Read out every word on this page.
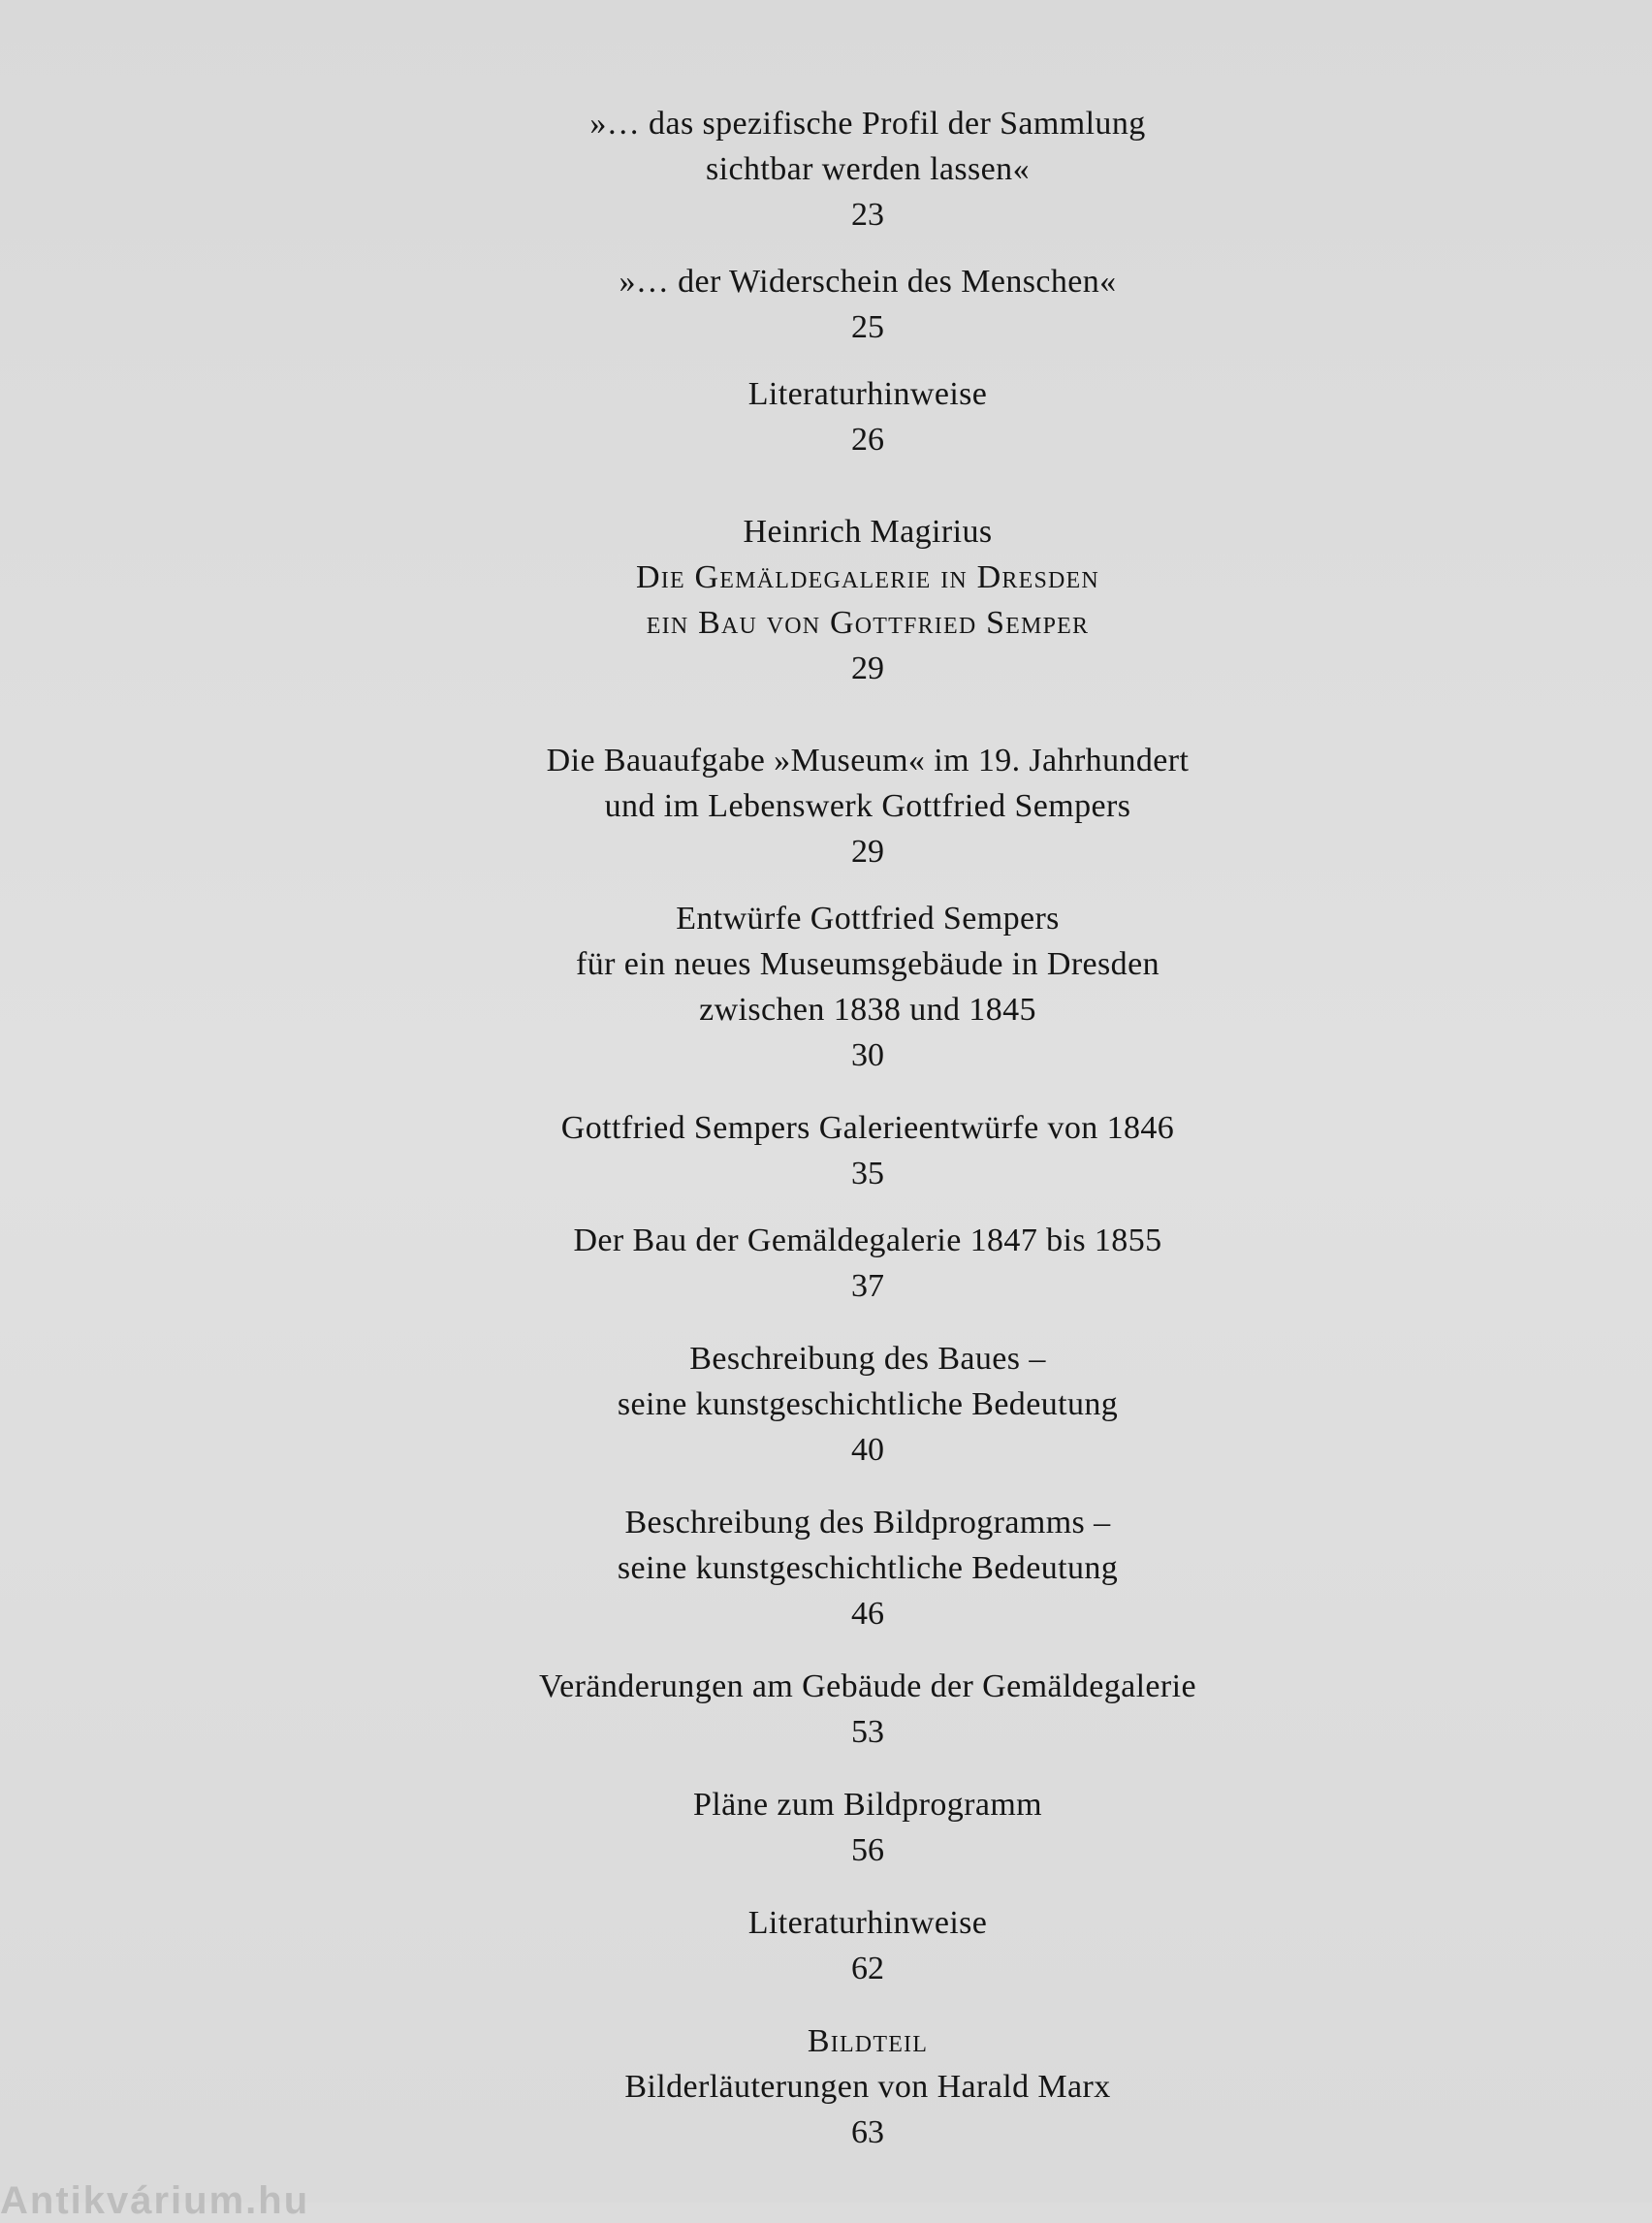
»… das spezifische Profil der Sammlung
sichtbar werden lassen«
23
»… der Widerschein des Menschen«
25
Literaturhinweise
26
Heinrich Magirius
Die Gemäldegalerie in Dresden
ein Bau von Gottfried Semper
29
Die Bauaufgabe »Museum« im 19. Jahrhundert
und im Lebenswerk Gottfried Sempers
29
Entwürfe Gottfried Sempers
für ein neues Museumsgebäude in Dresden
zwischen 1838 und 1845
30
Gottfried Sempers Galerieentwürfe von 1846
35
Der Bau der Gemäldegalerie 1847 bis 1855
37
Beschreibung des Baues –
seine kunstgeschichtliche Bedeutung
40
Beschreibung des Bildprogramms –
seine kunstgeschichtliche Bedeutung
46
Veränderungen am Gebäude der Gemäldegalerie
53
Pläne zum Bildprogramm
56
Literaturhinweise
62
Bildteil
Bilderläuterungen von Harald Marx
63
Antikvárium.hu
